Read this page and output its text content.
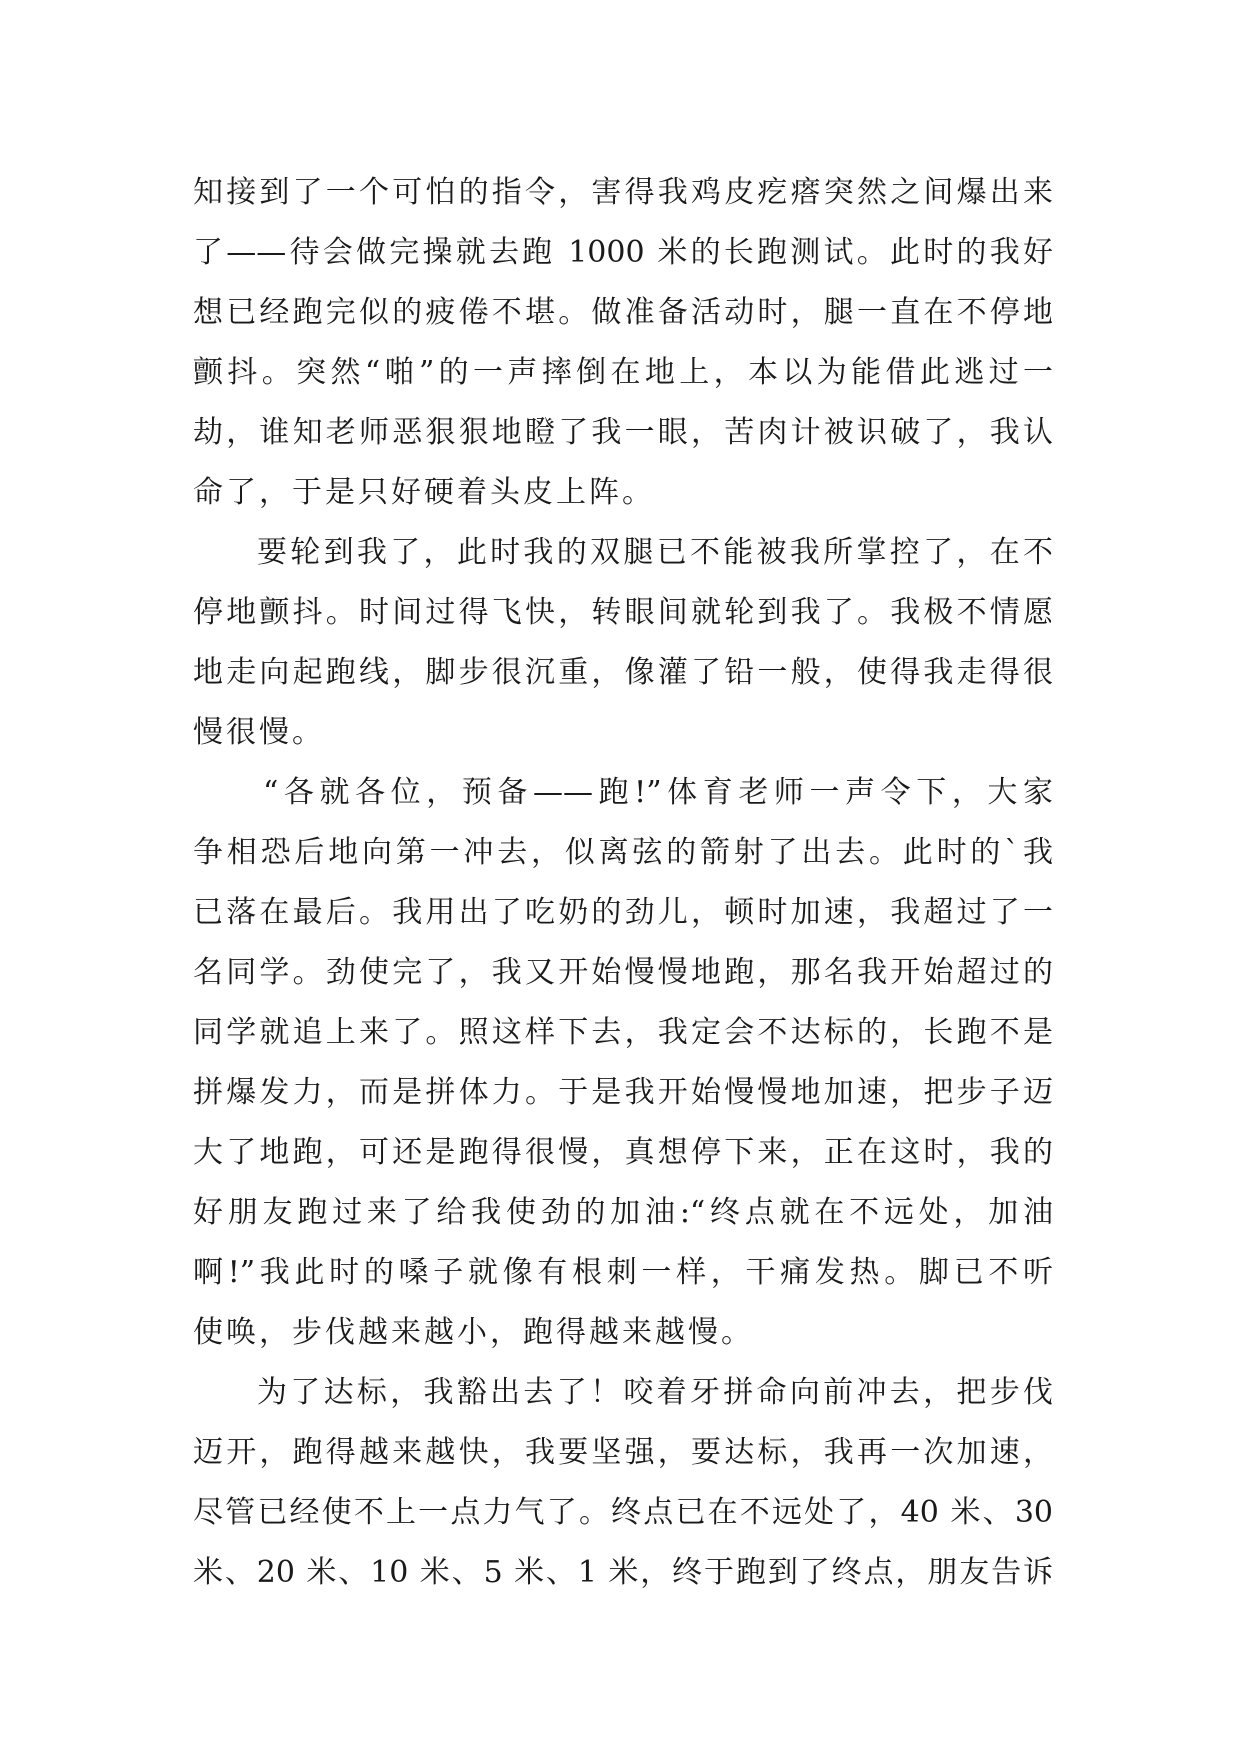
知接到了一个可怕的指令，害得我鸡皮疙瘩突然之间爆出来
了——待会做完操就去跑 1000 米的长跑测试。此时的我好
想已经跑完似的疲倦不堪。做准备活动时，腿一直在不停地
颤抖。突然“啪”的一声摔倒在地上，本以为能借此逃过一
劫，谁知老师恶狠狠地瞪了我一眼，苦肉计被识破了，我认
命了，于是只好硬着头皮上阵。
要轮到我了，此时我的双腿已不能被我所掌控了，在不
停地颤抖。时间过得飞快，转眼间就轮到我了。我极不情愿
地走向起跑线，脚步很沉重，像灌了铅一般，使得我走得很
慢很慢。
“各就各位，预备——跑!”体育老师一声令下，大家
争相恐后地向第一冲去，似离弦的箭射了出去。此时的`我
已落在最后。我用出了吃奶的劲儿，顿时加速，我超过了一
名同学。劲使完了，我又开始慢慢地跑，那名我开始超过的
同学就追上来了。照这样下去，我定会不达标的，长跑不是
拼爆发力，而是拼体力。于是我开始慢慢地加速，把步子迈
大了地跑，可还是跑得很慢，真想停下来，正在这时，我的
好朋友跑过来了给我使劲的加油:“终点就在不远处，加油
啊!”我此时的嗓子就像有根刺一样，干痛发热。脚已不听
使唤，步伐越来越小，跑得越来越慢。
为了达标，我豁出去了！咬着牙拼命向前冲去，把步伐
迈开，跑得越来越快，我要坚强，要达标，我再一次加速，
尽管已经使不上一点力气了。终点已在不远处了，40 米、30
米、20 米、10 米、5 米、1 米，终于跑到了终点，朋友告诉
